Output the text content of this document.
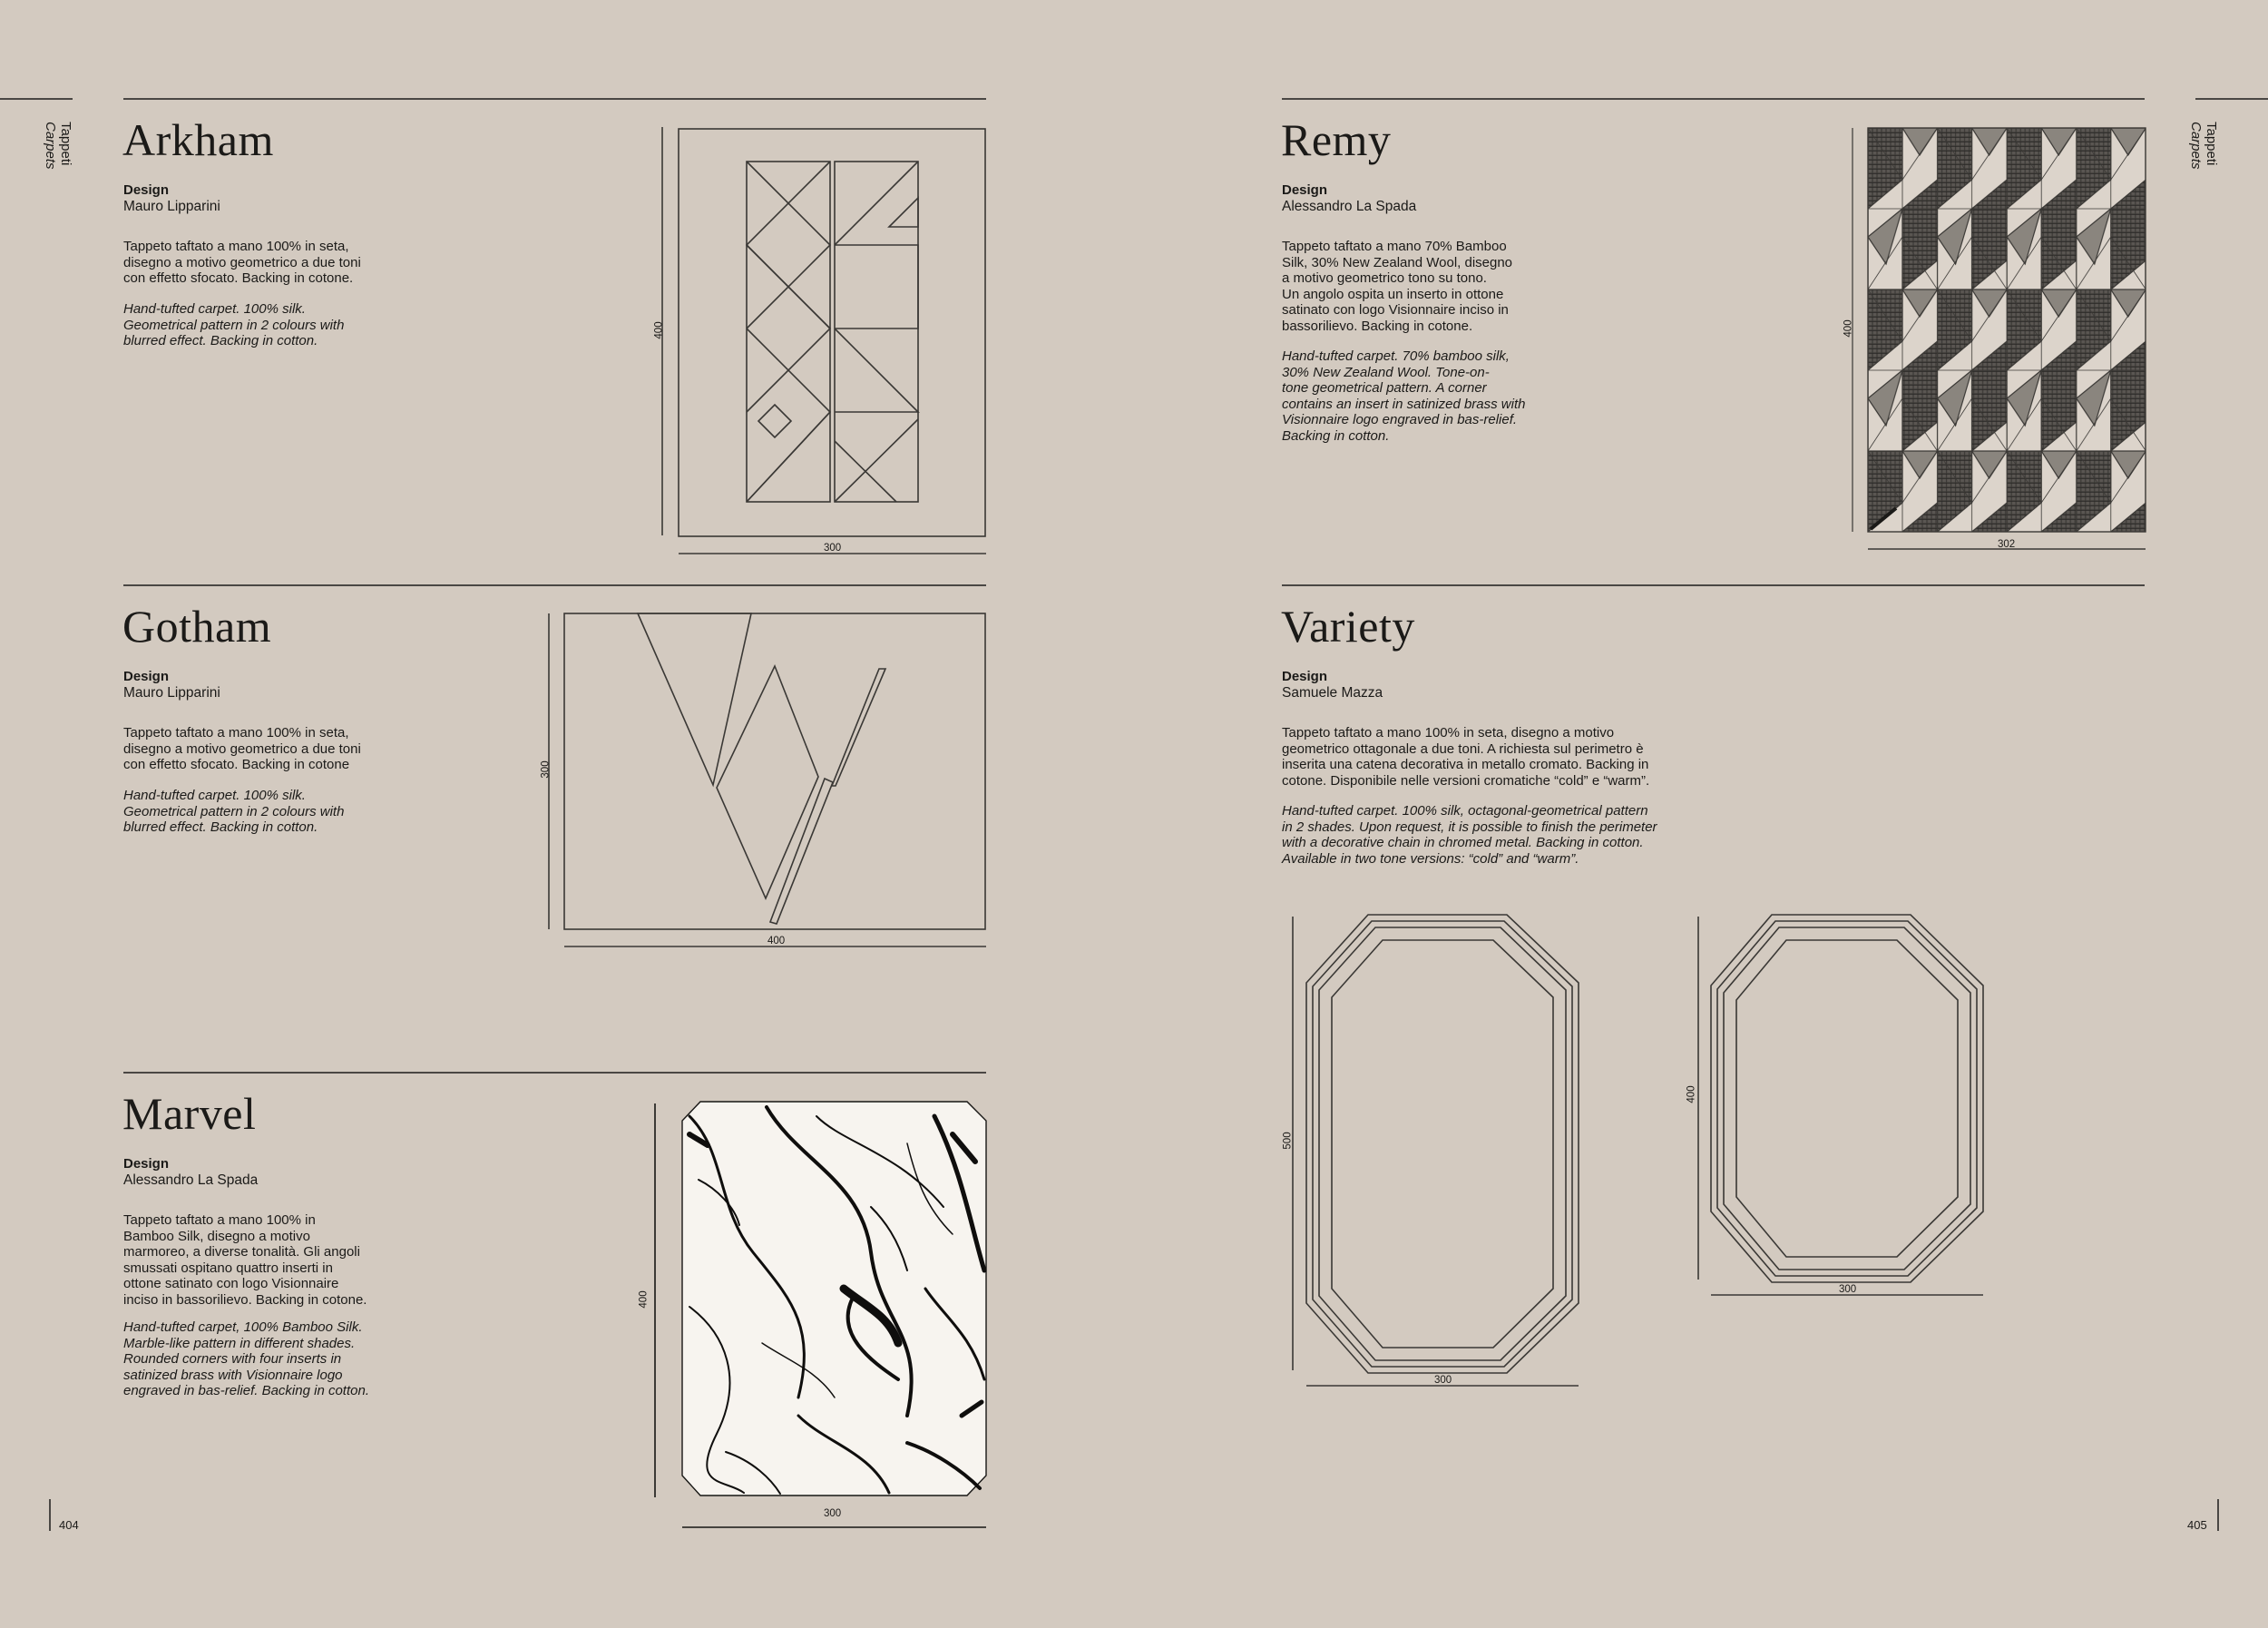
Tappeti
Carpets
404
Arkham
Design
Mauro Lipparini
Tappeto taftato a mano 100% in seta,
disegno a motivo geometrico a due toni
con effetto sfocato. Backing in cotone.
Hand-tufted carpet. 100% silk.
Geometrical pattern in 2 colours with
blurred effect. Backing in cotton.
400
300
Gotham
Design
Mauro Lipparini
Tappeto taftato a mano 100% in seta,
disegno a motivo geometrico a due toni
con effetto sfocato. Backing in cotone
Hand-tufted carpet. 100% silk.
Geometrical pattern in 2 colours with
blurred effect. Backing in cotton.
300
400
Marvel
Design
Alessandro La Spada
Tappeto taftato a mano 100% in
Bamboo Silk, disegno a motivo
marmoreo, a diverse tonalità. Gli angoli
smussati ospitano quattro inserti in
ottone satinato con logo Visionnaire
inciso in bassorilievo. Backing in cotone.
Hand-tufted carpet, 100% Bamboo Silk.
Marble-like pattern in different shades.
Rounded corners with four inserts in
satinized brass with Visionnaire logo
engraved in bas-relief. Backing in cotton.
400
300
Tappeti
Carpets
405
Remy
Design
Alessandro La Spada
Tappeto taftato a mano 70% Bamboo
Silk, 30% New Zealand Wool, disegno
a motivo geometrico tono su tono.
Un angolo ospita un inserto in ottone
satinato con logo Visionnaire inciso in
bassorilievo. Backing in cotone.
Hand-tufted carpet. 70% bamboo silk,
30% New Zealand Wool. Tone-on-
tone geometrical pattern. A corner
contains an insert in satinized brass with
Visionnaire logo engraved in bas-relief.
Backing in cotton.
400
302
Variety
Design
Samuele Mazza
Tappeto taftato a mano 100% in seta, disegno a motivo
geometrico ottagonale a due toni. A richiesta sul perimetro è
inserita una catena decorativa in metallo cromato. Backing in
cotone. Disponibile nelle versioni cromatiche “cold” e “warm”.
Hand-tufted carpet. 100% silk, octagonal-geometrical pattern
in 2 shades. Upon request, it is possible to finish the perimeter
with a decorative chain in chromed metal. Backing in cotton.
Available in two tone versions: “cold” and “warm”.
500
300
400
300
